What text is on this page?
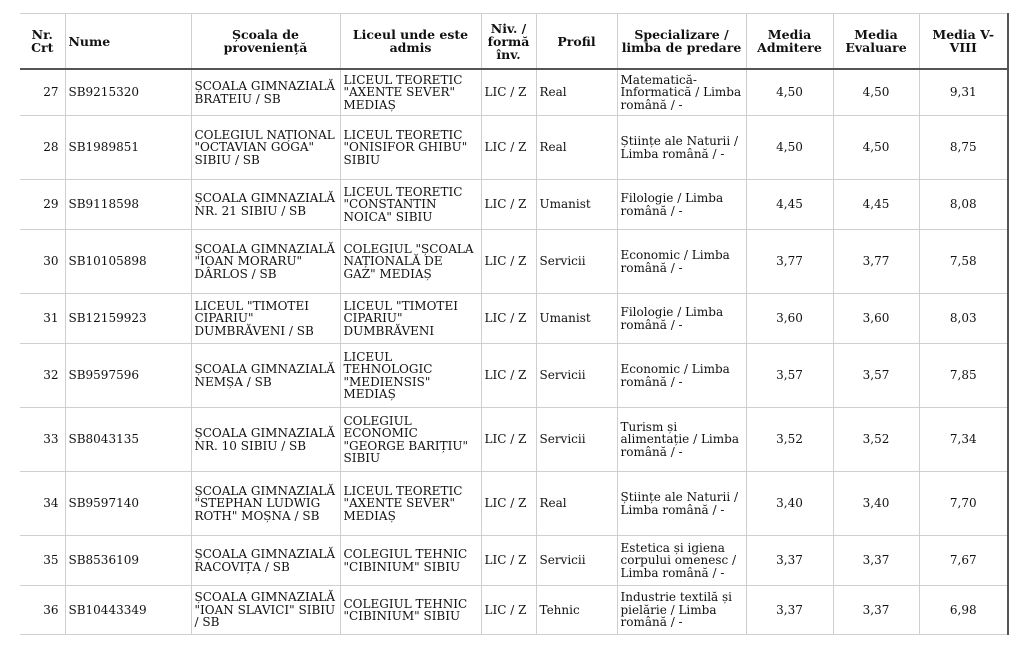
Nr. Crt	Nume	Școala de proveniență	Liceul unde este admis	Niv. / formă înv.	Profil	Specializare / limba de predare	Media Admitere	Media Evaluare	Media V-VIII
27	SB9215320	ȘCOALA GIMNAZIALĂ BRATEIU / SB	LICEUL TEORETIC "AXENTE SEVER" MEDIAȘ	LIC / Z	Real	Matematică-Informatică / Limba română / -	4,50	4,50	9,31
28	SB1989851	COLEGIUL NAȚIONAL "OCTAVIAN GOGA" SIBIU / SB	LICEUL TEORETIC "ONISIFOR GHIBU" SIBIU	LIC / Z	Real	Științe ale Naturii / Limba română / -	4,50	4,50	8,75
29	SB9118598	ȘCOALA GIMNAZIALĂ NR. 21 SIBIU / SB	LICEUL TEORETIC "CONSTANTIN NOICA" SIBIU	LIC / Z	Umanist	Filologie / Limba română / -	4,45	4,45	8,08
30	SB10105898	ȘCOALA GIMNAZIALĂ "IOAN MORARU" DÂRLOS / SB	COLEGIUL "ȘCOALA NAȚIONALĂ DE GAZ" MEDIAȘ	LIC / Z	Servicii	Economic / Limba română / -	3,77	3,77	7,58
31	SB12159923	LICEUL "TIMOTEI CIPARIU" DUMBRĂVENI / SB	LICEUL "TIMOTEI CIPARIU" DUMBRĂVENI	LIC / Z	Umanist	Filologie / Limba română / -	3,60	3,60	8,03
32	SB9597596	ȘCOALA GIMNAZIALĂ NEMȘA / SB	LICEUL TEHNOLOGIC "MEDIENSIS" MEDIAȘ	LIC / Z	Servicii	Economic / Limba română / -	3,57	3,57	7,85
33	SB8043135	ȘCOALA GIMNAZIALĂ NR. 10 SIBIU / SB	COLEGIUL ECONOMIC "GEORGE BARIȚIU" SIBIU	LIC / Z	Servicii	Turism și alimentație / Limba română / -	3,52	3,52	7,34
34	SB9597140	ȘCOALA GIMNAZIALĂ "STEPHAN LUDWIG ROTH" MOȘNA / SB	LICEUL TEORETIC "AXENTE SEVER" MEDIAȘ	LIC / Z	Real	Științe ale Naturii / Limba română / -	3,40	3,40	7,70
35	SB8536109	ȘCOALA GIMNAZIALĂ RACOVIȚA / SB	COLEGIUL TEHNIC "CIBINIUM" SIBIU	LIC / Z	Servicii	Estetica și igiena corpului omenesc / Limba română / -	3,37	3,37	7,67
36	SB10443349	ȘCOALA GIMNAZIALĂ "IOAN SLAVICI" SIBIU / SB	COLEGIUL TEHNIC "CIBINIUM" SIBIU	LIC / Z	Tehnic	Industrie textilă și pielărie / Limba română / -	3,37	3,37	6,98
